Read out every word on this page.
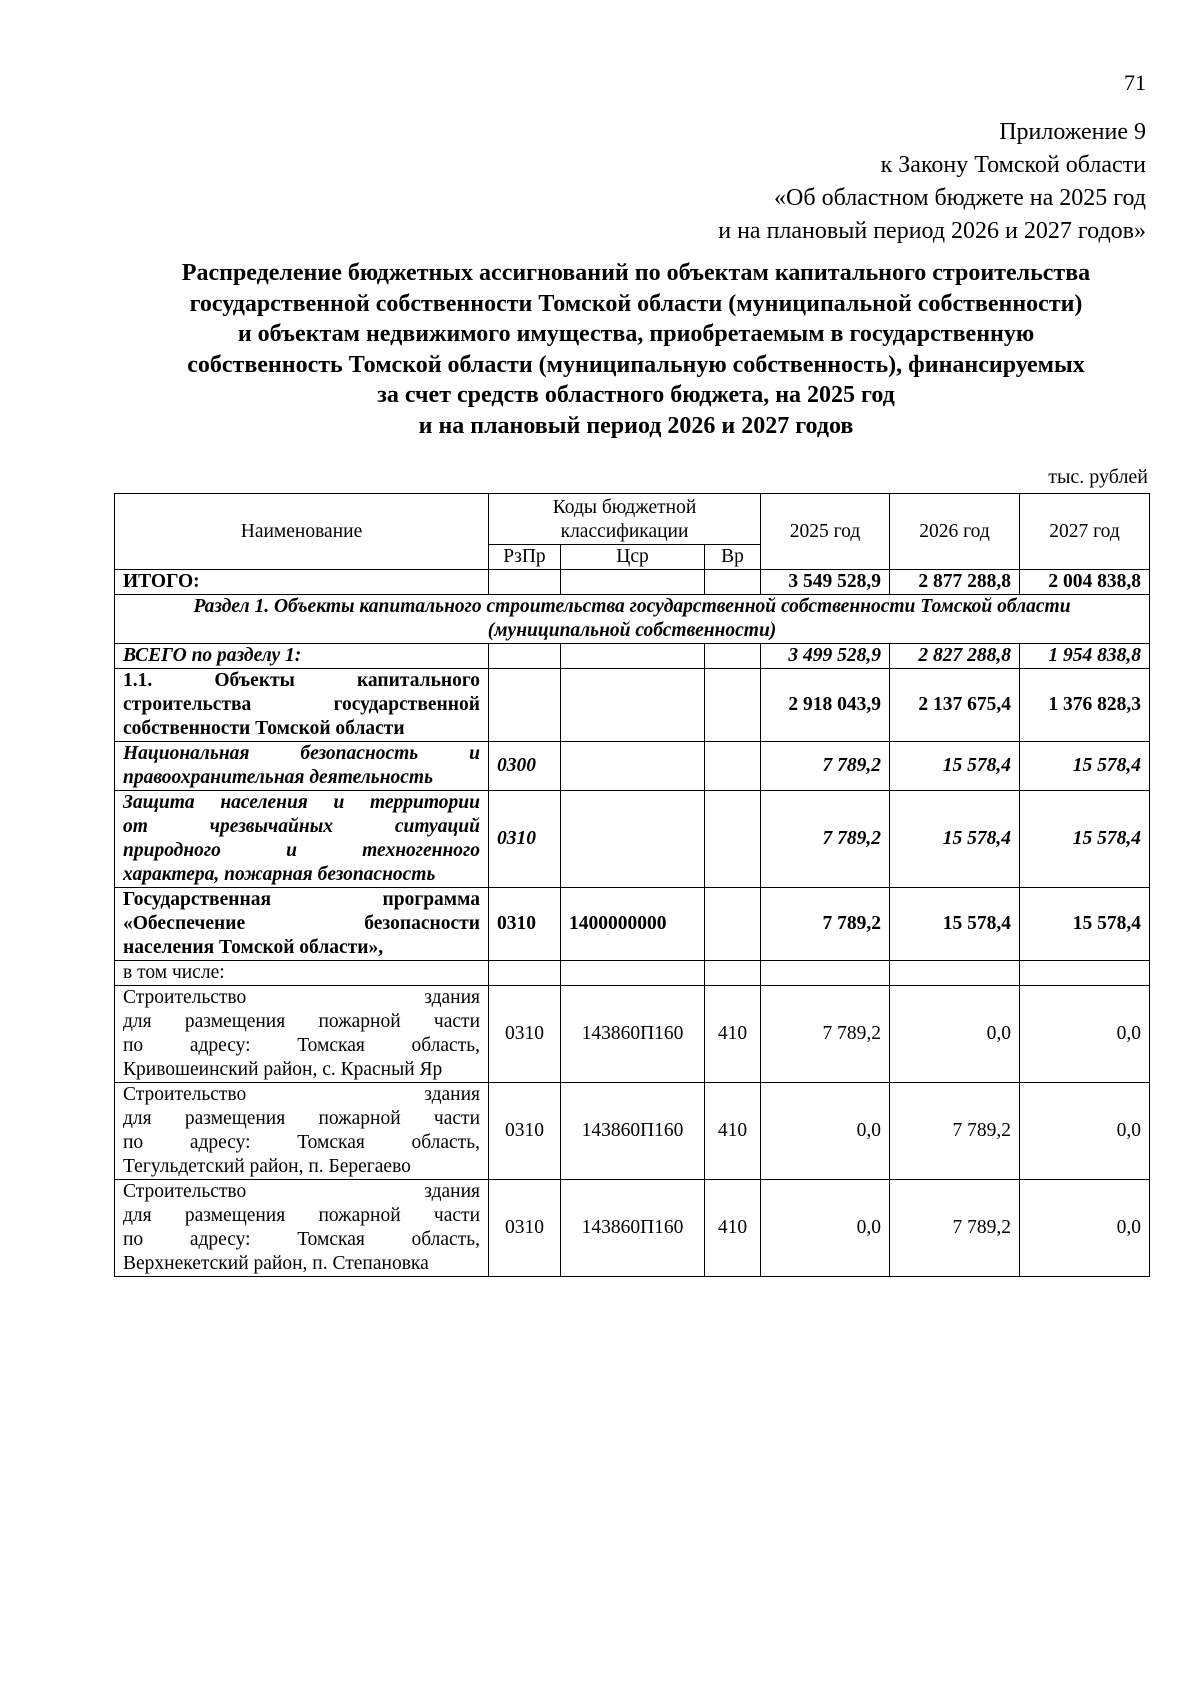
71
Приложение 9
к Закону Томской области
«Об областном бюджете на 2025 год
и на плановый период 2026 и 2027 годов»
Распределение бюджетных ассигнований по объектам капитального строительства
государственной собственности Томской области (муниципальной собственности)
и объектам недвижимого имущества, приобретаемым в государственную
собственность Томской области (муниципальную собственность), финансируемых
за счет средств областного бюджета, на 2025 год
и на плановый период 2026 и 2027 годов
тыс. рублей
Наименование	Коды бюджетной
классификации			2025 год	2026 год	2027 год
	РзПр	Цср	Вр			
ИТОГО:				3 549 528,9	2 877 288,8	2 004 838,8

Раздел 1. Объекты капитального строительства государственной собственности Томской области
(муниципальной собственности)						

ВСЕГО по разделу 1:				3 499 528,9	2 827 288,8	1 954 838,8

1.1. Объекты капитального
строительства государственной
собственности Томской области				2 918 043,9	2 137 675,4	1 376 828,3

Национальная безопасность и
правоохранительная деятельность	0300			7 789,2	15 578,4	15 578,4

Защита населения и территории
от чрезвычайных ситуаций
природного и техногенного
характера, пожарная безопасность	0310			7 789,2	15 578,4	15 578,4

Государственная программа
«Обеспечение безопасности
населения Томской области»,	0310	1400000000		7 789,2	15 578,4	15 578,4
в том числе:						

Строительство здания
для размещения пожарной части
по адресу: Томская область,
Кривошеинский район, с. Красный Яр	0310	143860П160	410	7 789,2	0,0	0,0

Строительство здания
для размещения пожарной части
по адресу: Томская область,
Тегульдетский район, п. Берегаево	0310	143860П160	410	0,0	7 789,2	0,0

Строительство здания
для размещения пожарной части
по адресу: Томская область,
Верхнекетский район, п. Степановка	0310	143860П160	410	0,0	7 789,2	0,0
